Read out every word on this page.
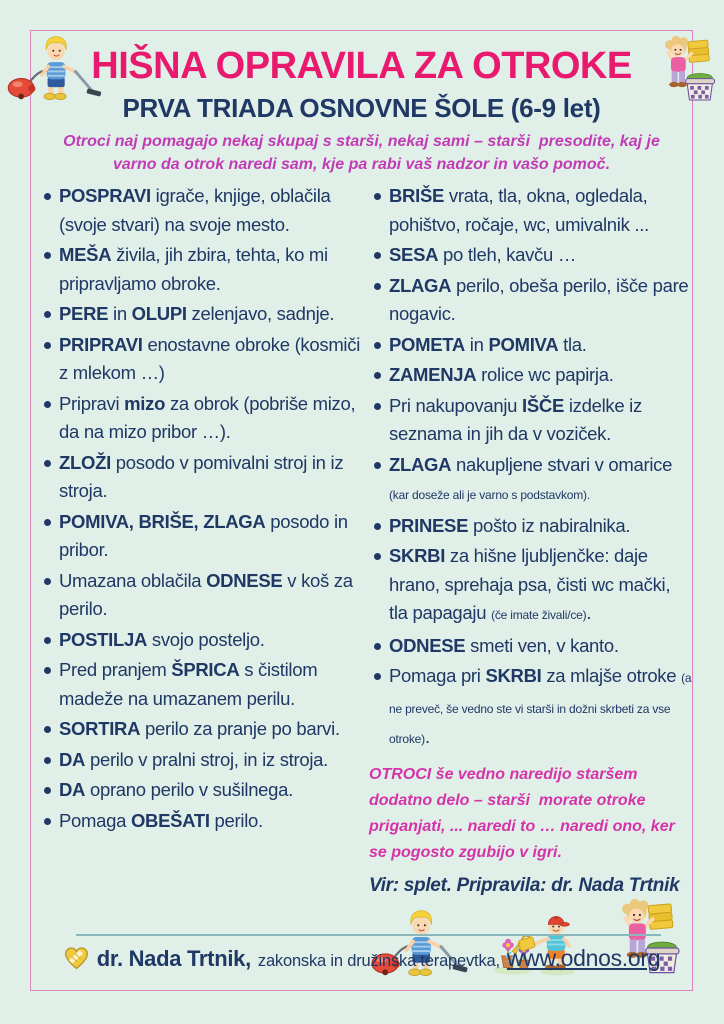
HIŠNA OPRAVILA ZA OTROKE
PRVA TRIADA OSNOVNE ŠOLE (6-9 let)
Otroci naj pomagajo nekaj skupaj s starši, nekaj sami – starši  presodite, kaj je varno da otrok naredi sam, kje pa rabi vaš nadzor in vašo pomoč.
POSPRAVI igrače, knjige, oblačila (svoje stvari) na svoje mesto.
MEŠA živila, jih zbira, tehta, ko mi pripravljamo obroke.
PERE in OLUPI zelenjavo, sadnje.
PRIPRAVI enostavne obroke (kosmiči z mlekom …)
Pripravi mizo za obrok (pobriše mizo, da na mizo pribor …).
ZLOŽI posodo v pomivalni stroj in iz stroja.
POMIVA, BRIŠE, ZLAGA posodo in pribor.
Umazana oblačila ODNESE v koš za perilo.
POSTILJA svojo posteljo.
Pred pranjem ŠPRICA s čistilom madeže na umazanem perilu.
SORTIRA perilo za pranje po barvi.
DA perilo v pralni stroj, in iz stroja.
DA oprano perilo v sušilnega.
Pomaga OBEŠATI perilo.
BRIŠE vrata, tla, okna, ogledala, pohištvo, ročaje, wc, umivalnik ...
SESA po tleh, kavču …
ZLAGA perilo, obeša perilo, išče pare nogavic.
POMETA in POMIVA tla.
ZAMENJA rolice wc papirja.
Pri nakupovanju IŠČE izdelke iz seznama in jih da v voziček.
ZLAGA nakupljene stvari v omarice (kar doseže ali je varno s podstavkom).
PRINESE pošto iz nabiralnika.
SKRBI za hišne ljubljenčke: daje hrano, sprehaja psa, čisti wc mački, tla papagaju (če imate živali/ce).
ODNESE smeti ven, v kanto.
Pomaga pri SKRBI za mlajše otroke (a ne preveč, še vedno ste vi starši in dožni skrbeti za vse otroke).
OTROCI še vedno naredijo staršem dodatno delo – starši  morate otroke priganjati, ... naredi to … naredi ono, ker se pogosto zgubijo v igri.
Vir: splet. Pripravila: dr. Nada Trtnik
dr. Nada Trtnik, zakonska in družinska terapevtka, www.odnos.org
